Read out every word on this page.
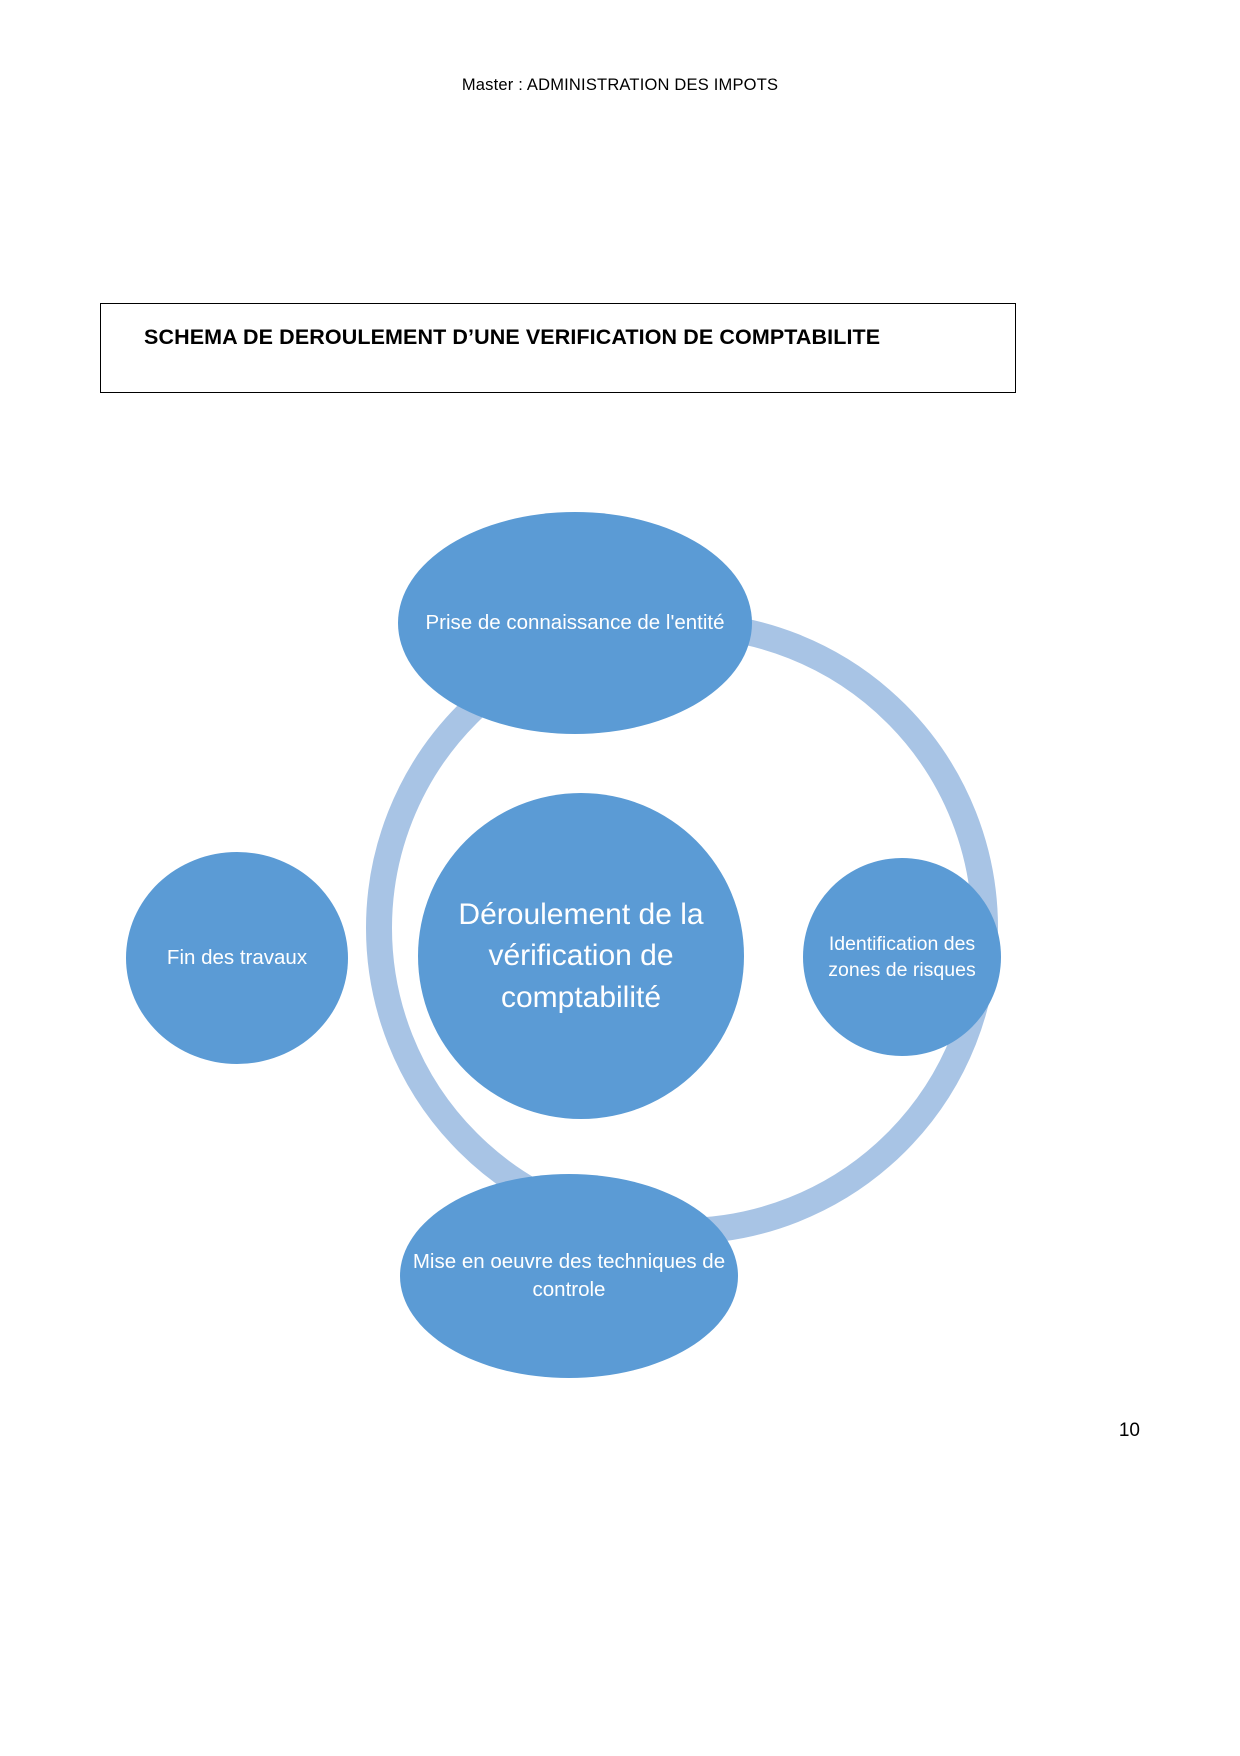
Master : ADMINISTRATION DES IMPOTS
SCHEMA DE DEROULEMENT D’UNE VERIFICATION DE COMPTABILITE
Déroulement de la vérification de comptabilité
Prise de connaissance de l'entité
Identification des zones de risques
Mise en oeuvre des techniques de controle
Fin des travaux
10
